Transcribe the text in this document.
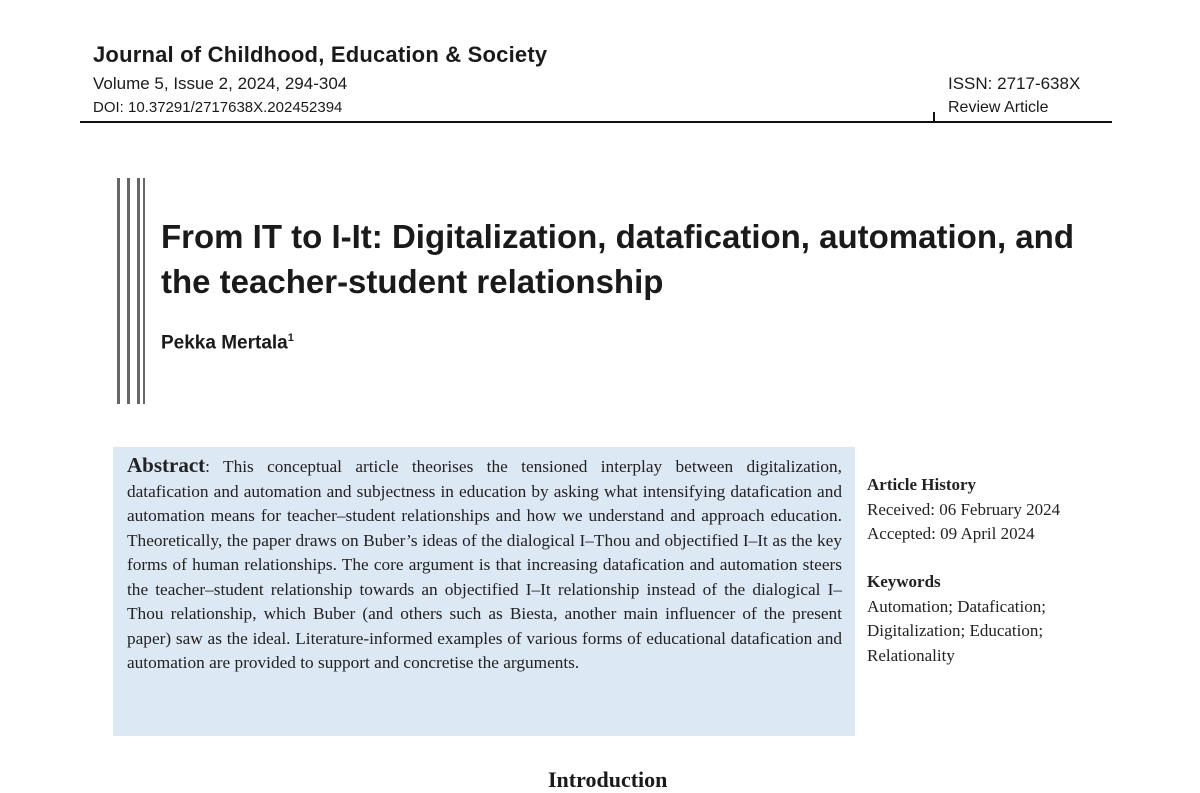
Journal of Childhood, Education & Society
Volume 5, Issue 2, 2024, 294-304
DOI: 10.37291/2717638X.202452394
ISSN: 2717-638X
Review Article
From IT to I-It: Digitalization, datafication, automation, and
the teacher-student relationship
Pekka Mertala$^1$
Abstract: This conceptual article theorises the tensioned interplay between digitalization, datafication and automation and subjectness in education by asking what intensifying datafication and automation means for teacher–student relationships and how we understand and approach education. Theoretically, the paper draws on Buber’s ideas of the dialogical I–Thou and objectified I–It as the key forms of human relationships. The core argument is that increasing datafication and automation steers the teacher–student relationship towards an objectified I–It relationship instead of the dialogical I–Thou relationship, which Buber (and others such as Biesta, another main influencer of the present paper) saw as the ideal. Literature-informed examples of various forms of educational datafication and automation are provided to support and concretise the arguments.
Article History
Received: 06 February 2024
Accepted: 09 April 2024
Keywords
Automation; Datafication;
Digitalization; Education;
Relationality
Introduction
